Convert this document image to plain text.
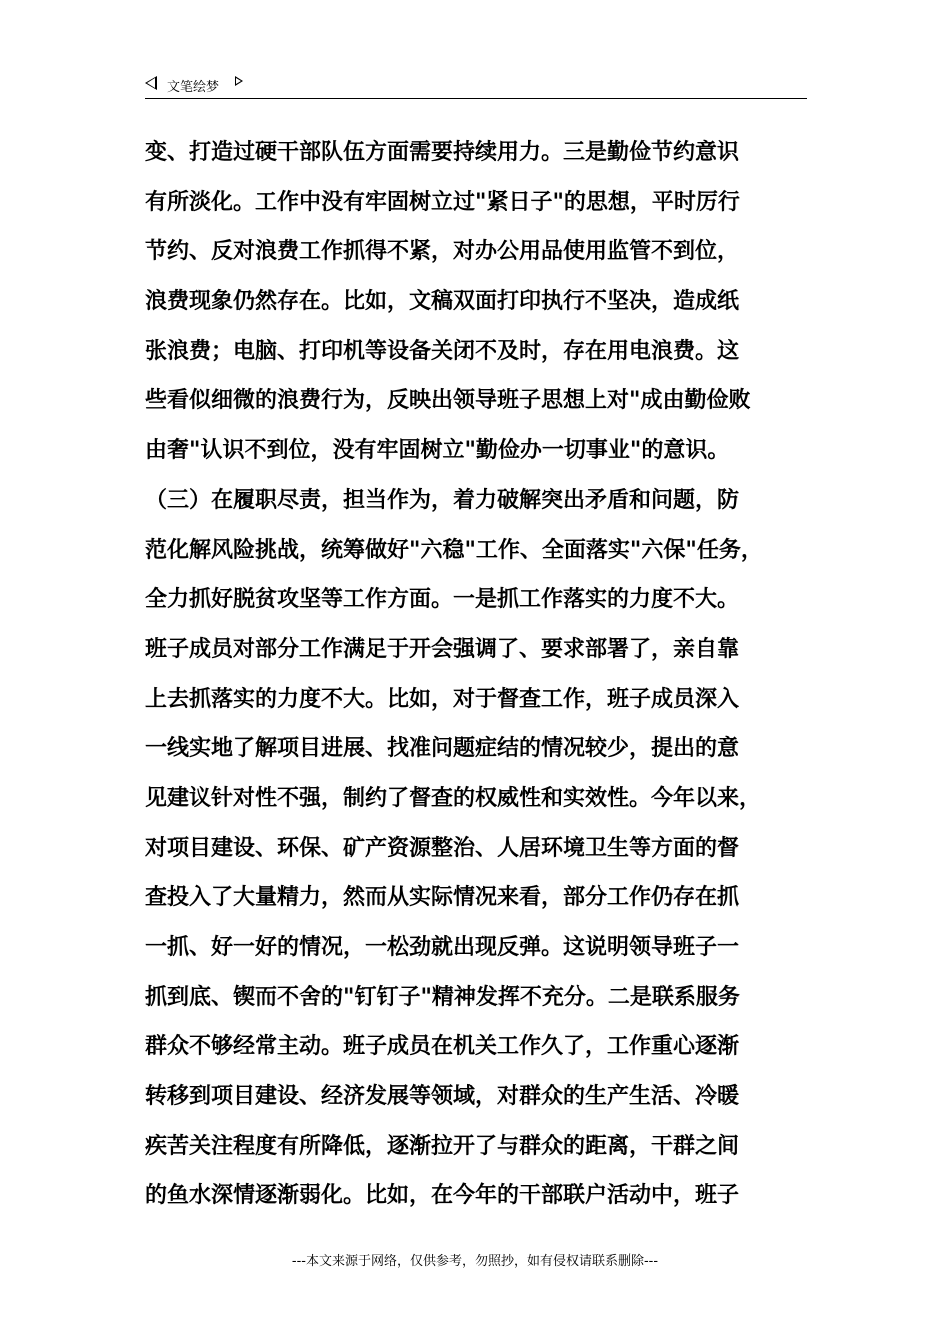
文笔绘梦
变、打造过硬干部队伍方面需要持续用力。三是勤俭节约意识
有所淡化。工作中没有牢固树立过"紧日子"的思想，平时厉行
节约、反对浪费工作抓得不紧，对办公用品使用监管不到位，
浪费现象仍然存在。比如，文稿双面打印执行不坚决，造成纸
张浪费；电脑、打印机等设备关闭不及时，存在用电浪费。这
些看似细微的浪费行为，反映出领导班子思想上对"成由勤俭败
由奢"认识不到位，没有牢固树立"勤俭办一切事业"的意识。
（三）在履职尽责，担当作为，着力破解突出矛盾和问题，防
范化解风险挑战，统筹做好"六稳"工作、全面落实"六保"任务，
全力抓好脱贫攻坚等工作方面。一是抓工作落实的力度不大。
班子成员对部分工作满足于开会强调了、要求部署了，亲自靠
上去抓落实的力度不大。比如，对于督查工作，班子成员深入
一线实地了解项目进展、找准问题症结的情况较少，提出的意
见建议针对性不强，制约了督查的权威性和实效性。今年以来，
对项目建设、环保、矿产资源整治、人居环境卫生等方面的督
查投入了大量精力，然而从实际情况来看，部分工作仍存在抓
一抓、好一好的情况，一松劲就出现反弹。这说明领导班子一
抓到底、锲而不舍的"钉钉子"精神发挥不充分。二是联系服务
群众不够经常主动。班子成员在机关工作久了，工作重心逐渐
转移到项目建设、经济发展等领域，对群众的生产生活、冷暖
疾苦关注程度有所降低，逐渐拉开了与群众的距离，干群之间
的鱼水深情逐渐弱化。比如，在今年的干部联户活动中，班子
---本文来源于网络，仅供参考，勿照抄，如有侵权请联系删除---
